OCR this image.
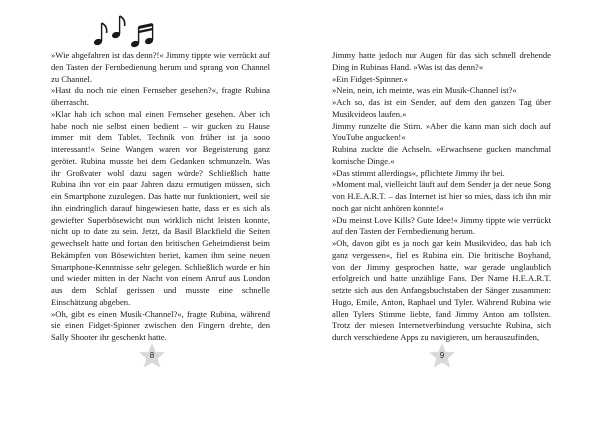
»Wie abgefahren ist das denn?!« Jimmy tippte wie verrückt auf den Tasten der Fernbedienung herum und sprang von Channel zu Channel.

»Hast du noch nie einen Fernseher gesehen?«, fragte Rubina überrascht.

»Klar hab ich schon mal einen Fernseher gesehen. Aber ich habe noch nie selbst einen bedient – wir gucken zu Hause immer mit dem Tablet. Technik von früher ist ja sooo interessant!« Seine Wangen waren vor Begeisterung ganz gerötet. Rubina musste bei dem Gedanken schmunzeln. Was ihr Großvater wohl dazu sagen würde? Schließlich hatte Rubina ihn vor ein paar Jahren dazu ermutigen müssen, sich ein Smartphone zuzulegen. Das hatte nur funktioniert, weil sie ihn eindringlich darauf hingewiesen hatte, dass er es sich als gewiefter Superbösewicht nun wirklich nicht leisten konnte, nicht up to date zu sein. Jetzt, da Basil Blackfield die Seiten gewechselt hatte und fortan den britischen Geheimdienst beim Bekämpfen von Bösewichten beriet, kamen ihm seine neuen Smartphone-Kenntnisse sehr gelegen. Schließlich wurde er hin und wieder mitten in der Nacht von einem Anruf aus London aus dem Schlaf gerissen und musste eine schnelle Einschätzung abgeben.

»Oh, gibt es einen Musik-Channel?«, fragte Rubina, während sie einen Fidget-Spinner zwischen den Fingern drehte, den Sally Shooter ihr geschenkt hatte.

Jimmy hatte jedoch nur Augen für das sich schnell drehende Ding in Rubinas Hand. »Was ist das denn?«

»Ein Fidget-Spinner.«

»Nein, nein, ich meinte, was ein Musik-Channel ist?«

»Ach so, das ist ein Sender, auf dem den ganzen Tag über Musikvideos laufen.«

Jimmy runzelte die Stirn. »Aber die kann man sich doch auf YouTube angucken!«

Rubina zuckte die Achseln. »Erwachsene gucken manchmal komische Dinge.«

»Das stimmt allerdings«, pflichtete Jimmy ihr bei.

»Moment mal, vielleicht läuft auf dem Sender ja der neue Song von H.E.A.R.T. – das Internet ist hier so mies, dass ich ihn mir noch gar nicht anhören konnte!«

»Du meinst Love Kills? Gute Idee!« Jimmy tippte wie verrückt auf den Tasten der Fernbedienung herum.

»Oh, davon gibt es ja noch gar kein Musikvideo, das hab ich ganz vergessen«, fiel es Rubina ein. Die britische Boyband, von der Jimmy gesprochen hatte, war gerade unglaublich erfolgreich und hatte unzählige Fans. Der Name H.E.A.R.T. setzte sich aus den Anfangsbuchstaben der Sänger zusammen: Hugo, Emile, Anton, Raphael und Tyler. Während Rubina wie allen Tylers Stimme liebte, fand Jimmy Anton am tollsten. Trotz der miesen Internetverbindung versuchte Rubina, sich durch verschiedene Apps zu navigieren, um herauszufinden,

8	9
